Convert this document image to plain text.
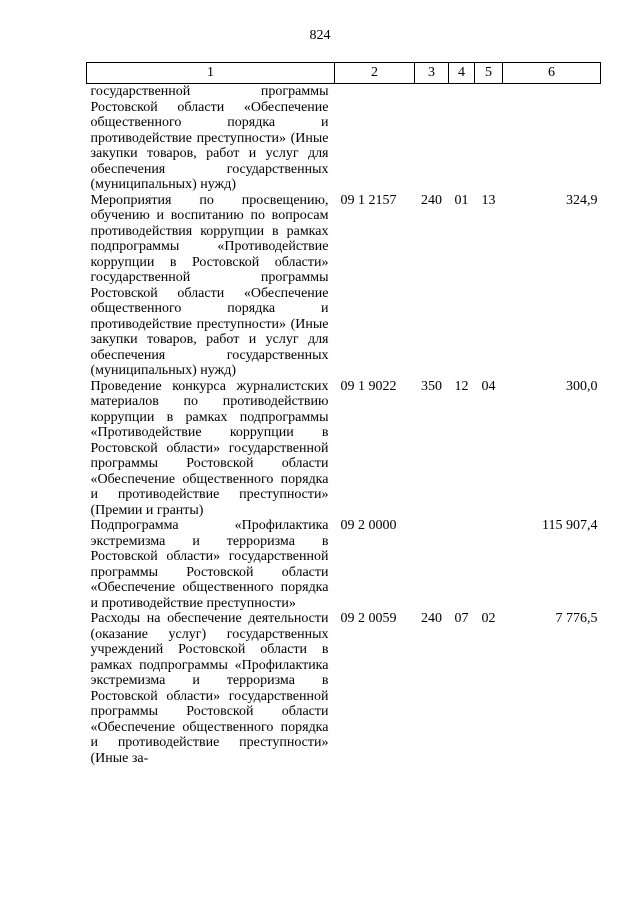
824
1	2	3	4	5	6
государственной программы Ростовской области «Обеспечение общественного порядка и противодействие преступности» (Иные закупки товаров, работ и услуг для обеспечения государственных (муниципальных) нужд)					
Мероприятия по просвещению, обучению и воспитанию по вопросам противодействия коррупции в рамках подпрограммы «Противодействие коррупции в Ростовской области» государственной программы Ростовской области «Обеспечение общественного порядка и противодействие преступности» (Иные закупки товаров, работ и услуг для обеспечения государственных (муниципальных) нужд)	09 1 2157	240	01	13	324,9
Проведение конкурса журналистских материалов по противодействию коррупции в рамках подпрограммы «Противодействие коррупции в Ростовской области» государственной программы Ростовской области «Обеспечение общественного порядка и противодействие преступности» (Премии и гранты)	09 1 9022	350	12	04	300,0
Подпрограмма «Профилактика экстремизма и терроризма в Ростовской области» государственной программы Ростовской области «Обеспечение общественного порядка и противодействие преступности»	09 2 0000				115 907,4
Расходы на обеспечение деятельности (оказание услуг) государственных учреждений Ростовской области в рамках подпрограммы «Профилактика экстремизма и терроризма в Ростовской области» государственной программы Ростовской области «Обеспечение общественного порядка и противодействие преступности» (Иные за-	09 2 0059	240	07	02	7 776,5
